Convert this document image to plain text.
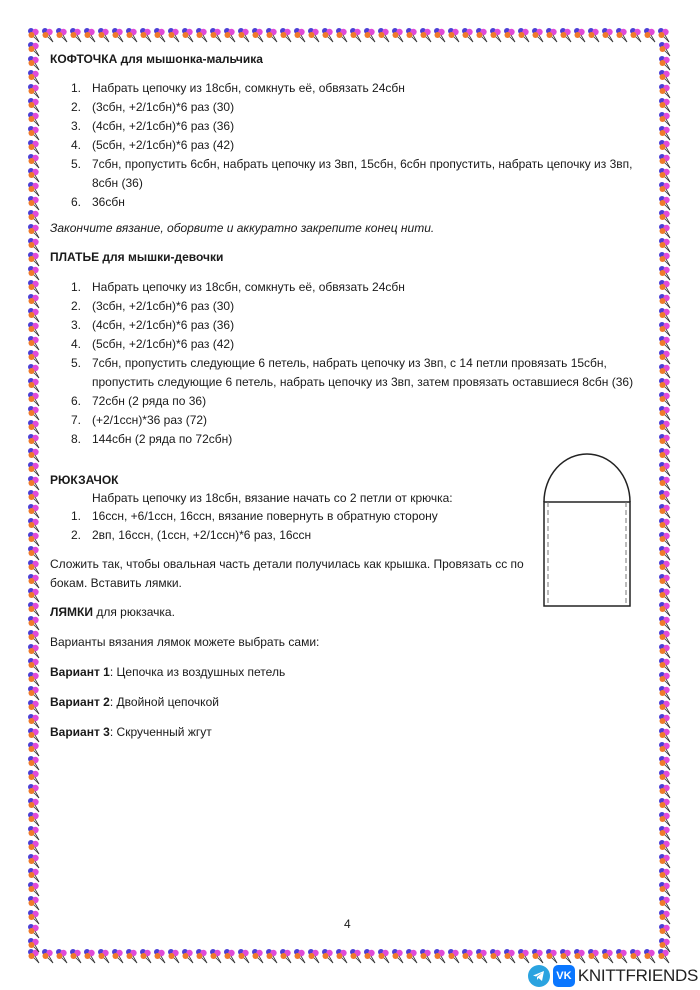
КОФТОЧКА для мышонка-мальчика
1. Набрать цепочку из 18сбн, сомкнуть её, обвязать 24сбн
2. (3сбн, +2/1сбн)*6 раз (30)
3. (4сбн, +2/1сбн)*6 раз (36)
4. (5сбн, +2/1сбн)*6 раз (42)
5. 7сбн, пропустить 6сбн, набрать цепочку из 3вп, 15сбн, 6сбн пропустить, набрать цепочку из 3вп,
8сбн (36)
6. 36сбн
Закончите вязание, оборвите и аккуратно закрепите конец нити.
ПЛАТЬЕ для мышки-девочки
1. Набрать цепочку из 18сбн, сомкнуть её, обвязать 24сбн
2. (3сбн, +2/1сбн)*6 раз (30)
3. (4сбн, +2/1сбн)*6 раз (36)
4. (5сбн, +2/1сбн)*6 раз (42)
5. 7сбн, пропустить следующие 6 петель, набрать цепочку из 3вп, с 14 петли провязать 15сбн,
пропустить следующие 6 петель, набрать цепочку из 3вп, затем провязать оставшиеся 8сбн (36)
6. 72сбн (2 ряда по 36)
7. (+2/1ссн)*36 раз (72)
8. 144сбн (2 ряда по 72сбн)
РЮКЗАЧОК
Набрать цепочку из 18сбн, вязание начать со 2 петли от крючка:
1. 16ссн, +6/1ссн, 16ссн, вязание повернуть в обратную сторону
2. 2вп, 16ссн, (1ссн, +2/1ссн)*6 раз, 16ссн
Сложить так, чтобы овальная часть детали получилась как крышка. Провязать сс по
бокам. Вставить лямки.
ЛЯМКИ для рюкзачка.
Варианты вязания лямок можете выбрать сами:
Вариант 1: Цепочка из воздушных петель
Вариант 2: Двойной цепочкой
Вариант 3: Скрученный жгут
4
VK KNITTFRIENDS
